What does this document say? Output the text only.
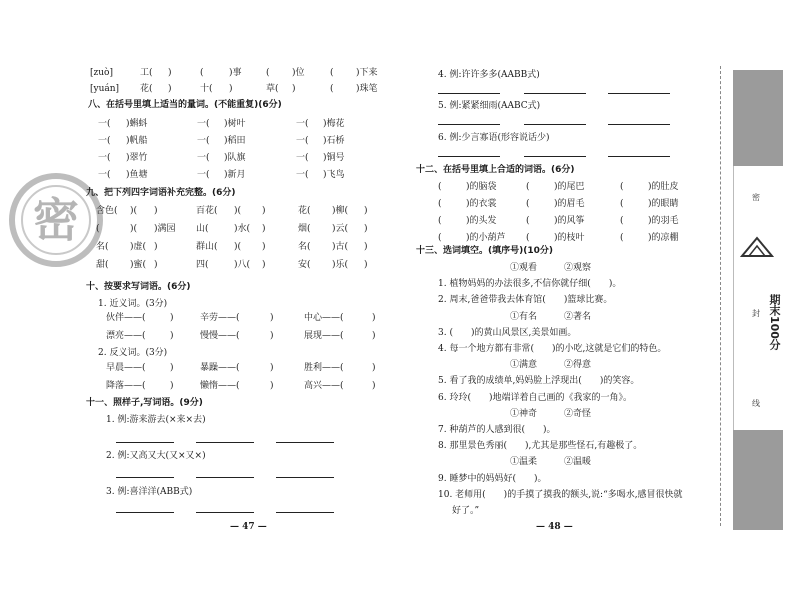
密
[zuò]	工( )	(	)事	( )位	( )下来
[yuán] 花( )	十( )	草( )	( )珠笔
八、在括号里填上适当的量词。(不能重复)(6分)
一( )蝌蚪	一( )树叶	一( )梅花
一( )帆船	一( )稻田	一( )石桥
一( )翠竹	一( )队旗	一( )铜号
一( )鱼塘	一( )新月	一( )飞鸟
九、把下列四字词语补充完整。(6分)
含色( )( )	百花( )( )	花( )柳( )
(	)( )满园 山(	)水( )	烟( )云( )
名( )虚( )	群山( )( )	名( )古( )
甜( )蜜( )	四(	)八( )	安( )乐( )
十、按要求写词语。(6分)
1. 近义词。(3分)
伙伴——(	)	辛劳——(	)	中心——(	)
漂亮——(	)	慢慢——(	)	展现——(	)
2. 反义词。(3分)
早晨——(	)	暴躁——(	)	胜利——(	)
降落——(	)	懒惰——(	)	高兴——(	)
十一、照样子,写词语。(9分)
1. 例:游来游去(×来×去)
2. 例:又高又大(又×又×)
3. 例:喜洋洋(ABB式)
— 47 —
4. 例:许许多多(AABB式)
5. 例:紧紧细雨(AABC式)
6. 例:少言寡语(形容说话少)
十二、在括号里填上合适的词语。(6分)
(	)的脑袋	(	)的尾巴	(	)的肚皮
(	)的衣裳	(	)的眉毛	(	)的眼睛
(	)的头发	(	)的风筝	(	)的羽毛
(	)的小葫芦 (	)的枝叶	(	)的凉棚
十三、选词填空。(填序号)(10分)
①观看　　　②观察
1. 植物妈妈的办法很多,不信你就仔细(　　)。
2. 周末,爸爸带我去体育馆(　　)篮球比赛。
①有名　　　②著名
3. (　　)的黄山风景区,美景如画。
4. 每一个地方都有非常(　　)的小吃,这就是它们的特色。
①满意　　　②得意
5. 看了我的成绩单,妈妈脸上浮现出(　　)的笑容。
6. 玲玲(　　)地端详着自己画的《我家的一角》。
①神奇　　　②奇怪
7. 种葫芦的人感到很(　　)。
8. 那里景色秀丽(　　),尤其是那些怪石,有趣极了。
①温柔　　　②温暖
9. 睡梦中的妈妈好(　　)。
10. 老师用(　　)的手摸了摸我的额头,说:“多喝水,感冒很快就
好了。”
— 48 —
密
封
线
期末100分
